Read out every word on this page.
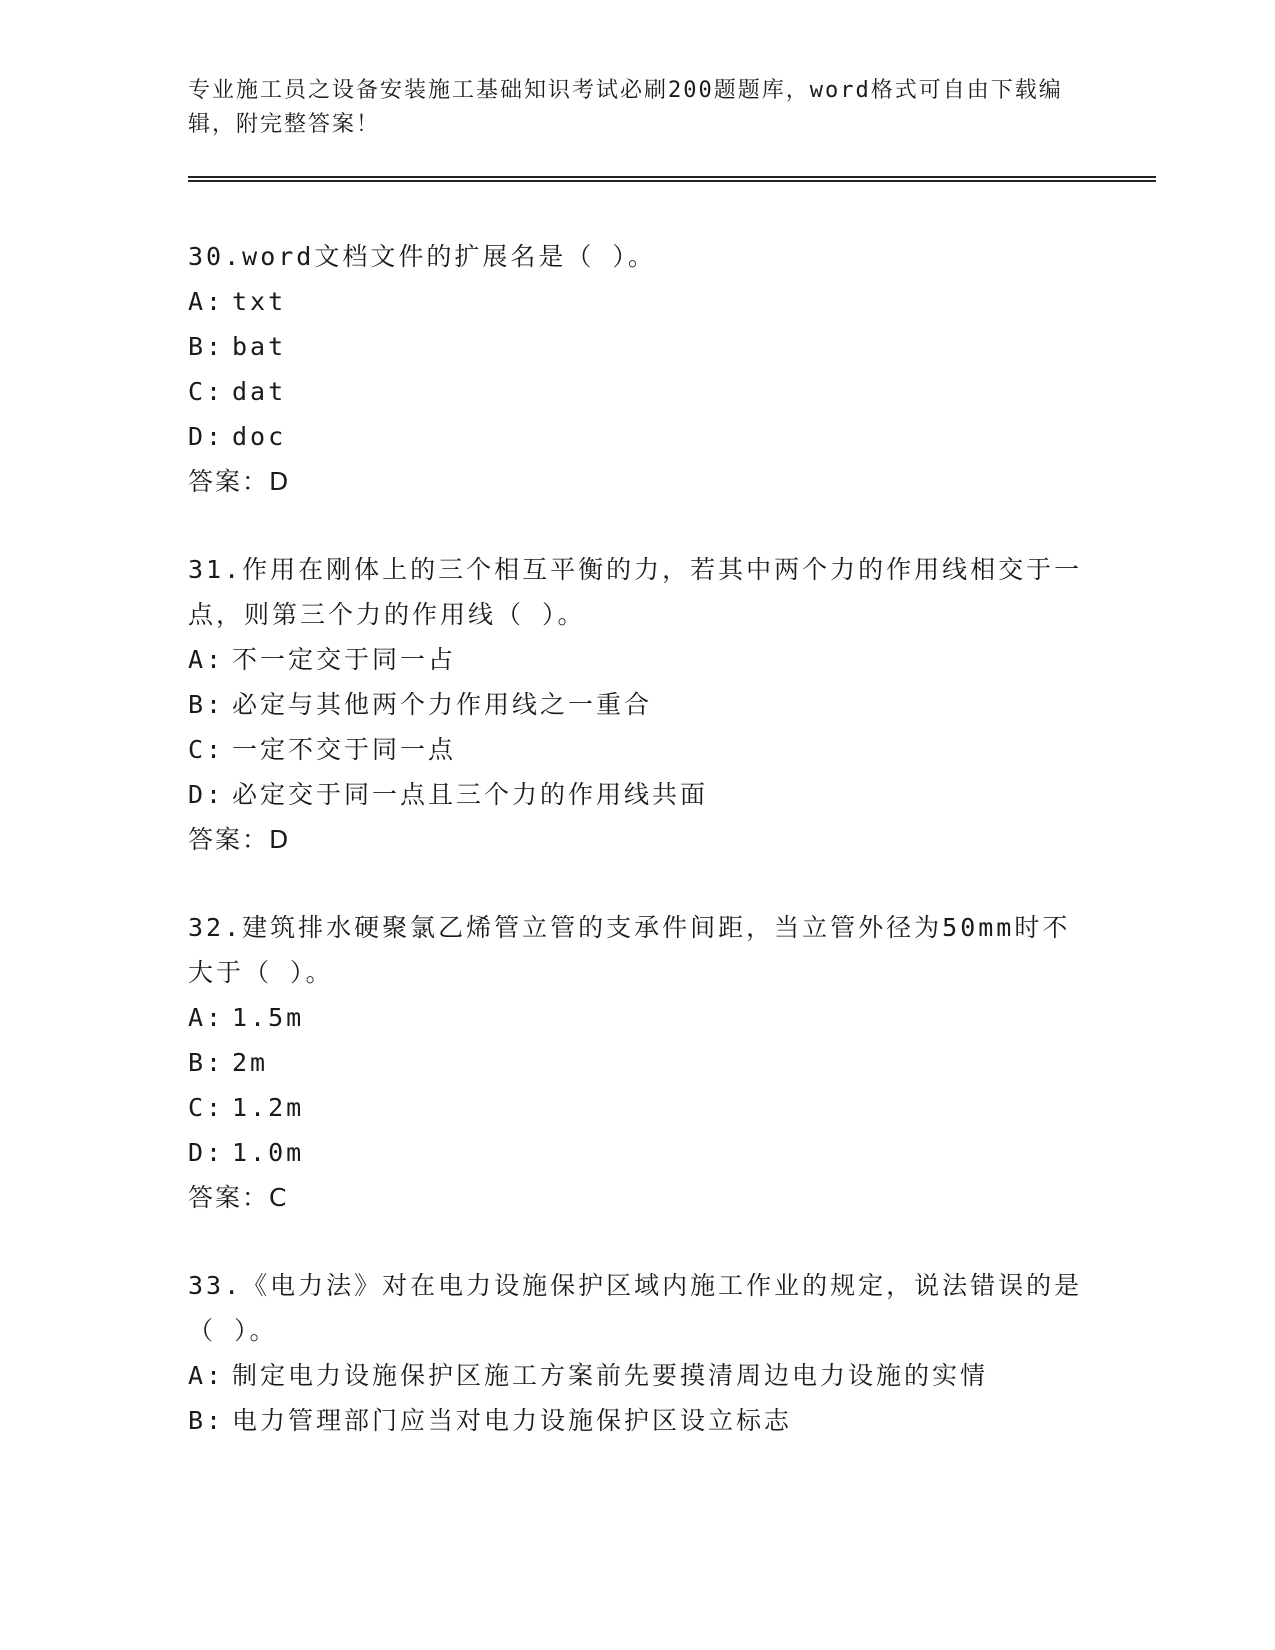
专业施工员之设备安装施工基础知识考试必刷200题题库，word格式可自由下载编辑，附完整答案！

30.word文档文件的扩展名是（ ）。

A: txt

B: bat

C: dat

D: doc

答案：D

31.作用在刚体上的三个相互平衡的力，若其中两个力的作用线相交于一点，则第三个力的作用线（ ）。

A: 不一定交于同一占

B: 必定与其他两个力作用线之一重合

C: 一定不交于同一点

D: 必定交于同一点且三个力的作用线共面

答案：D

32.建筑排水硬聚氯乙烯管立管的支承件间距，当立管外径为50mm时不大于（ ）。

A: 1.5m

B: 2m

C: 1.2m

D: 1.0m

答案：C

33.《电力法》对在电力设施保护区域内施工作业的规定，说法错误的是（ ）。

A: 制定电力设施保护区施工方案前先要摸清周边电力设施的实情

B: 电力管理部门应当对电力设施保护区设立标志
